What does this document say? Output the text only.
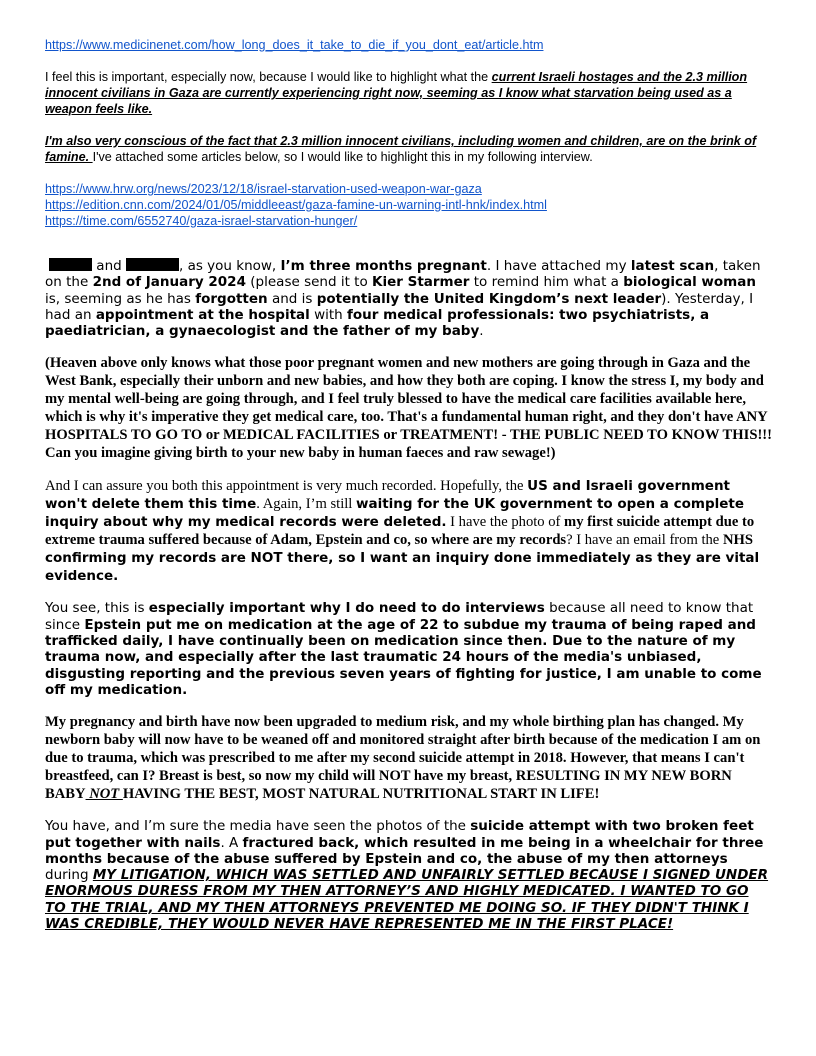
https://www.medicinenet.com/how_long_does_it_take_to_die_if_you_dont_eat/article.htm

I feel this is important, especially now, because I would like to highlight what the current Israeli hostages and the 2.3 million innocent civilians in Gaza are currently experiencing right now, seeming as I know what starvation being used as a weapon feels like.

I'm also very conscious of the fact that 2.3 million innocent civilians, including women and children, are on the brink of famine. I've attached some articles below, so I would like to highlight this in my following interview.

https://www.hrw.org/news/2023/12/18/israel-starvation-used-weapon-war-gaza
https://edition.cnn.com/2024/01/05/middleeast/gaza-famine-un-warning-intl-hnk/index.html
https://time.com/6552740/gaza-israel-starvation-hunger/

and	, as you know, I’m three months pregnant. I have attached my latest scan, taken on the 2nd of January 2024 (please send it to Kier Starmer to remind him what a biological woman is, seeming as he has forgotten and is potentially the United Kingdom’s next leader). Yesterday, I had an appointment at the hospital with four medical professionals: two psychiatrists, a paediatrician, a gynaecologist and the father of my baby.

(Heaven above only knows what those poor pregnant women and new mothers are going through in Gaza and the West Bank, especially their unborn and new babies, and how they both are coping. I know the stress I, my body and my mental well-being are going through, and I feel truly blessed to have the medical care facilities available here, which is why it's imperative they get medical care, too. That's a fundamental human right, and they don't have ANY HOSPITALS TO GO TO or MEDICAL FACILITIES or TREATMENT! - THE PUBLIC NEED TO KNOW THIS!!! Can you imagine giving birth to your new baby in human faeces and raw sewage!)

And I can assure you both this appointment is very much recorded. Hopefully, the US and Israeli government won't delete them this time. Again, I’m still waiting for the UK government to open a complete inquiry about why my medical records were deleted. I have the photo of my first suicide attempt due to extreme trauma suffered because of Adam, Epstein and co, so where are my records? I have an email from the NHS confirming my records are NOT there, so I want an inquiry done immediately as they are vital evidence.

You see, this is especially important why I do need to do interviews because all need to know that since Epstein put me on medication at the age of 22 to subdue my trauma of being raped and trafficked daily, I have continually been on medication since then. Due to the nature of my trauma now, and especially after the last traumatic 24 hours of the media's unbiased, disgusting reporting and the previous seven years of fighting for justice, I am unable to come off my medication.

My pregnancy and birth have now been upgraded to medium risk, and my whole birthing plan has changed. My newborn baby will now have to be weaned off and monitored straight after birth because of the medication I am on due to trauma, which was prescribed to me after my second suicide attempt in 2018. However, that means I can't breastfeed, can I? Breast is best, so now my child will NOT have my breast, RESULTING IN MY NEW BORN BABY NOT HAVING THE BEST, MOST NATURAL NUTRITIONAL START IN LIFE!

You have, and I’m sure the media have seen the photos of the suicide attempt with two broken feet put together with nails. A fractured back, which resulted in me being in a wheelchair for three months because of the abuse suffered by Epstein and co, the abuse of my then attorneys during MY LITIGATION, WHICH WAS SETTLED AND UNFAIRLY SETTLED BECAUSE I SIGNED UNDER ENORMOUS DURESS FROM MY THEN ATTORNEY’S AND HIGHLY MEDICATED. I WANTED TO GO TO THE TRIAL, AND MY THEN ATTORNEYS PREVENTED ME DOING SO. IF THEY DIDN'T THINK I WAS CREDIBLE, THEY WOULD NEVER HAVE REPRESENTED ME IN THE FIRST PLACE!
